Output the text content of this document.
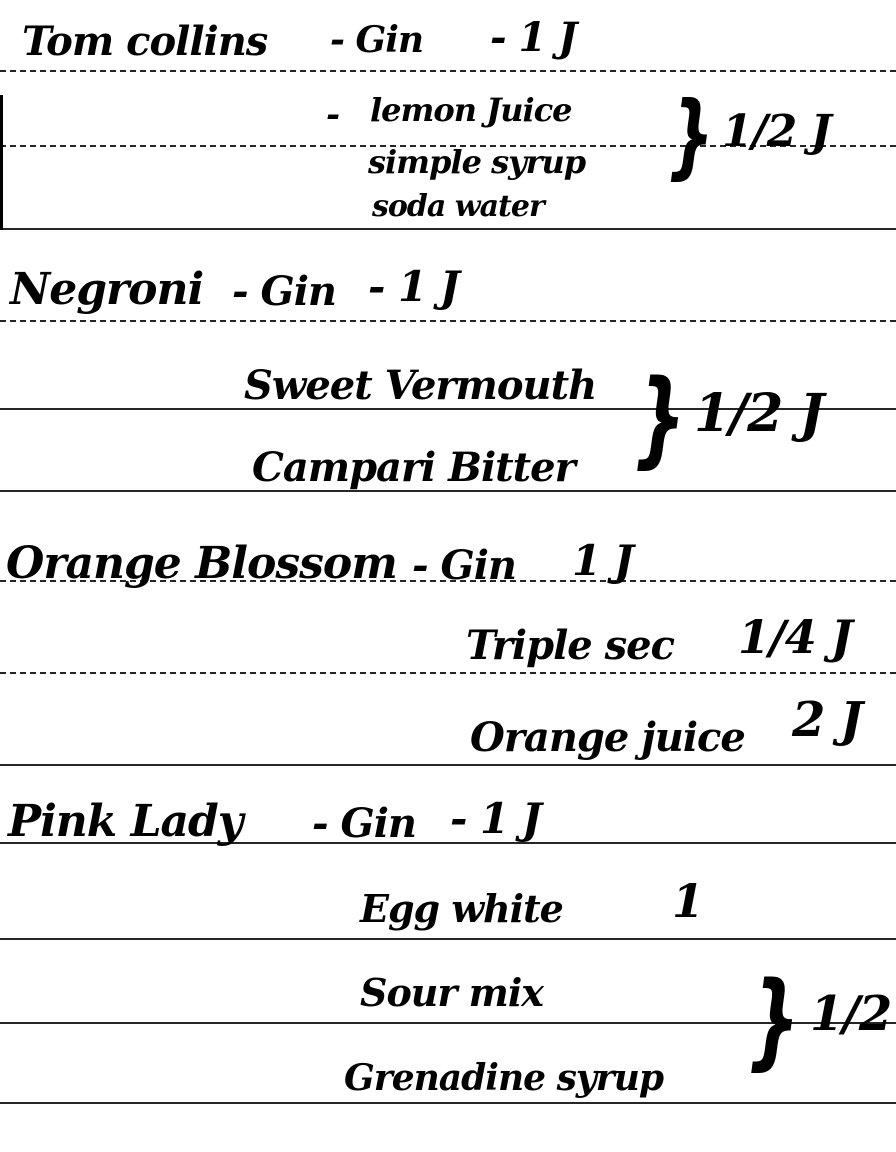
Tom collins - Gin - 1 J
- lemon Juice
simple syrup
soda water
} 1/2 J
Negroni - Gin - 1 J
Sweet Vermouth
Campari Bitter } 1/2 J
Orange Blossom - Gin 1 J
Triple sec 1/4 J
Orange juice 2 J
Pink Lady - Gin - 1 J
Egg white 1
Sour mix
Grenadine syrup } 1/2
